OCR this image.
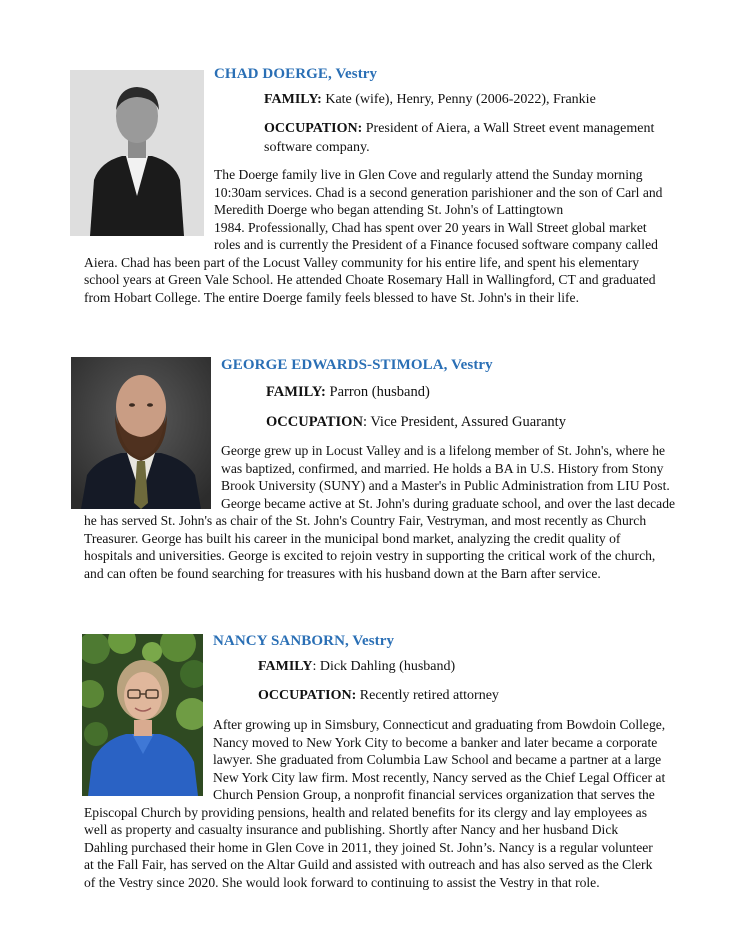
CHAD DOERGE, Vestry
FAMILY: Kate (wife), Henry, Penny (2006-2022), Frankie
OCCUPATION: President of Aiera, a Wall Street event management
software company.
The Doerge family live in Glen Cove and regularly attend the Sunday morning
10:30am services. Chad is a second generation parishioner and the son of Carl and
Meredith Doerge who began attending St. John's of Lattingtown
1984. Professionally, Chad has spent over 20 years in Wall Street global market
roles and is currently the President of a Finance focused software company called
Aiera. Chad has been part of the Locust Valley community for his entire life, and spent his elementary
school years at Green Vale School. He attended Choate Rosemary Hall in Wallingford, CT and graduated
from Hobart College. The entire Doerge family feels blessed to have St. John's in their life.
GEORGE EDWARDS-STIMOLA, Vestry
FAMILY: Parron (husband)
OCCUPATION: Vice President, Assured Guaranty
George grew up in Locust Valley and is a lifelong member of St. John's, where he
was baptized, confirmed, and married. He holds a BA in U.S. History from Stony
Brook University (SUNY) and a Master's in Public Administration from LIU Post.
George became active at St. John's during graduate school, and over the last decade
he has served St. John's as chair of the St. John's Country Fair, Vestryman, and most recently as Church
Treasurer. George has built his career in the municipal bond market, analyzing the credit quality of
hospitals and universities. George is excited to rejoin vestry in supporting the critical work of the church,
and can often be found searching for treasures with his husband down at the Barn after service.
NANCY SANBORN, Vestry
FAMILY: Dick Dahling (husband)
OCCUPATION: Recently retired attorney
After growing up in Simsbury, Connecticut and graduating from Bowdoin College,
Nancy moved to New York City to become a banker and later became a corporate
lawyer. She graduated from Columbia Law School and became a partner at a large
New York City law firm. Most recently, Nancy served as the Chief Legal Officer at
Church Pension Group, a nonprofit financial services organization that serves the
Episcopal Church by providing pensions, health and related benefits for its clergy and lay employees as
well as property and casualty insurance and publishing. Shortly after Nancy and her husband Dick
Dahling purchased their home in Glen Cove in 2011, they joined St. John’s. Nancy is a regular volunteer
at the Fall Fair, has served on the Altar Guild and assisted with outreach and has also served as the Clerk
of the Vestry since 2020. She would look forward to continuing to assist the Vestry in that role.
